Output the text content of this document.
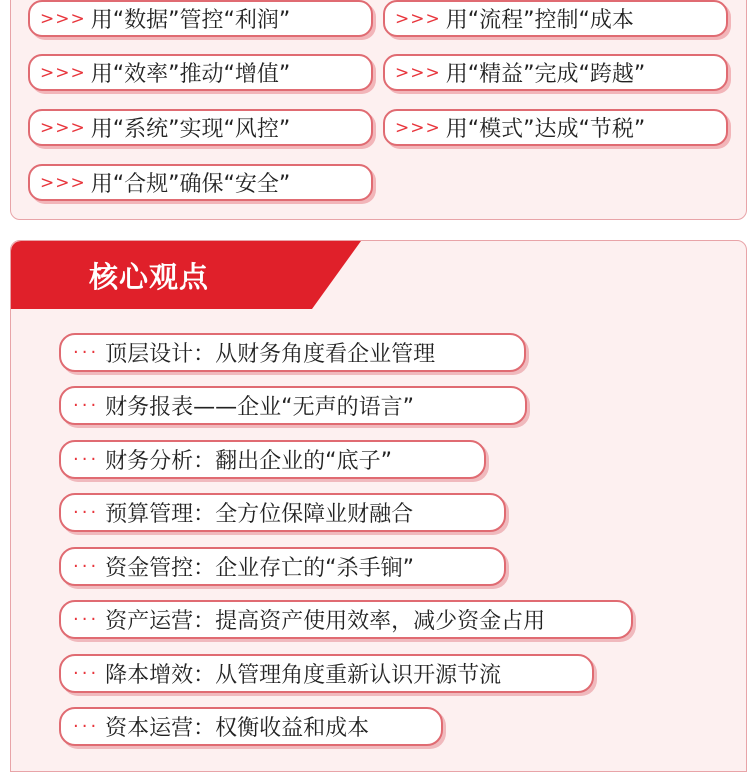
>>> 用“数据”管控“利润”	>>> 用“流程”控制“成本
>>> 用“效率”推动“增值”	>>> 用“精益”完成“跨越”
>>> 用“系统”实现“风控”	>>> 用“模式”达成“节税”
>>> 用“合规”确保“安全”
核心观点
··· 顶层设计：从财务角度看企业管理
··· 财务报表——企业“无声的语言”
··· 财务分析：翻出企业的“底子”
··· 预算管理：全方位保障业财融合
··· 资金管控：企业存亡的“杀手锏”
··· 资产运营：提高资产使用效率，减少资金占用
··· 降本增效：从管理角度重新认识开源节流
··· 资本运营：权衡收益和成本
